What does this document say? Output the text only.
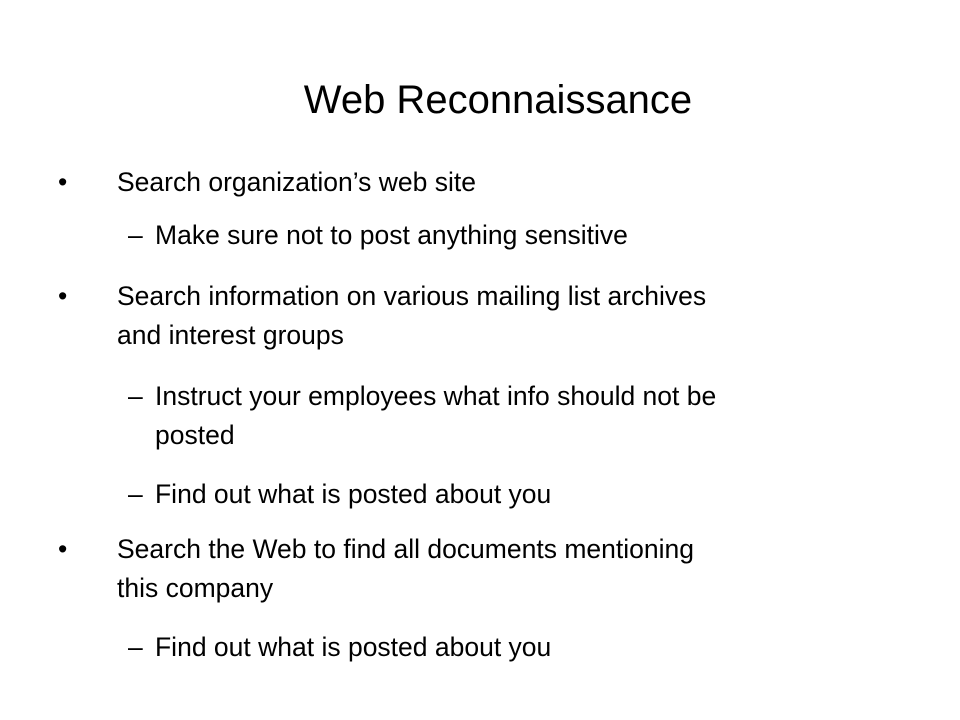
Web Reconnaissance
• Search organization’s web site
– Make sure not to post anything sensitive
• Search information on various mailing list archives
and interest groups
– Instruct your employees what info should not be
posted
– Find out what is posted about you
• Search the Web to find all documents mentioning
this company
– Find out what is posted about you
